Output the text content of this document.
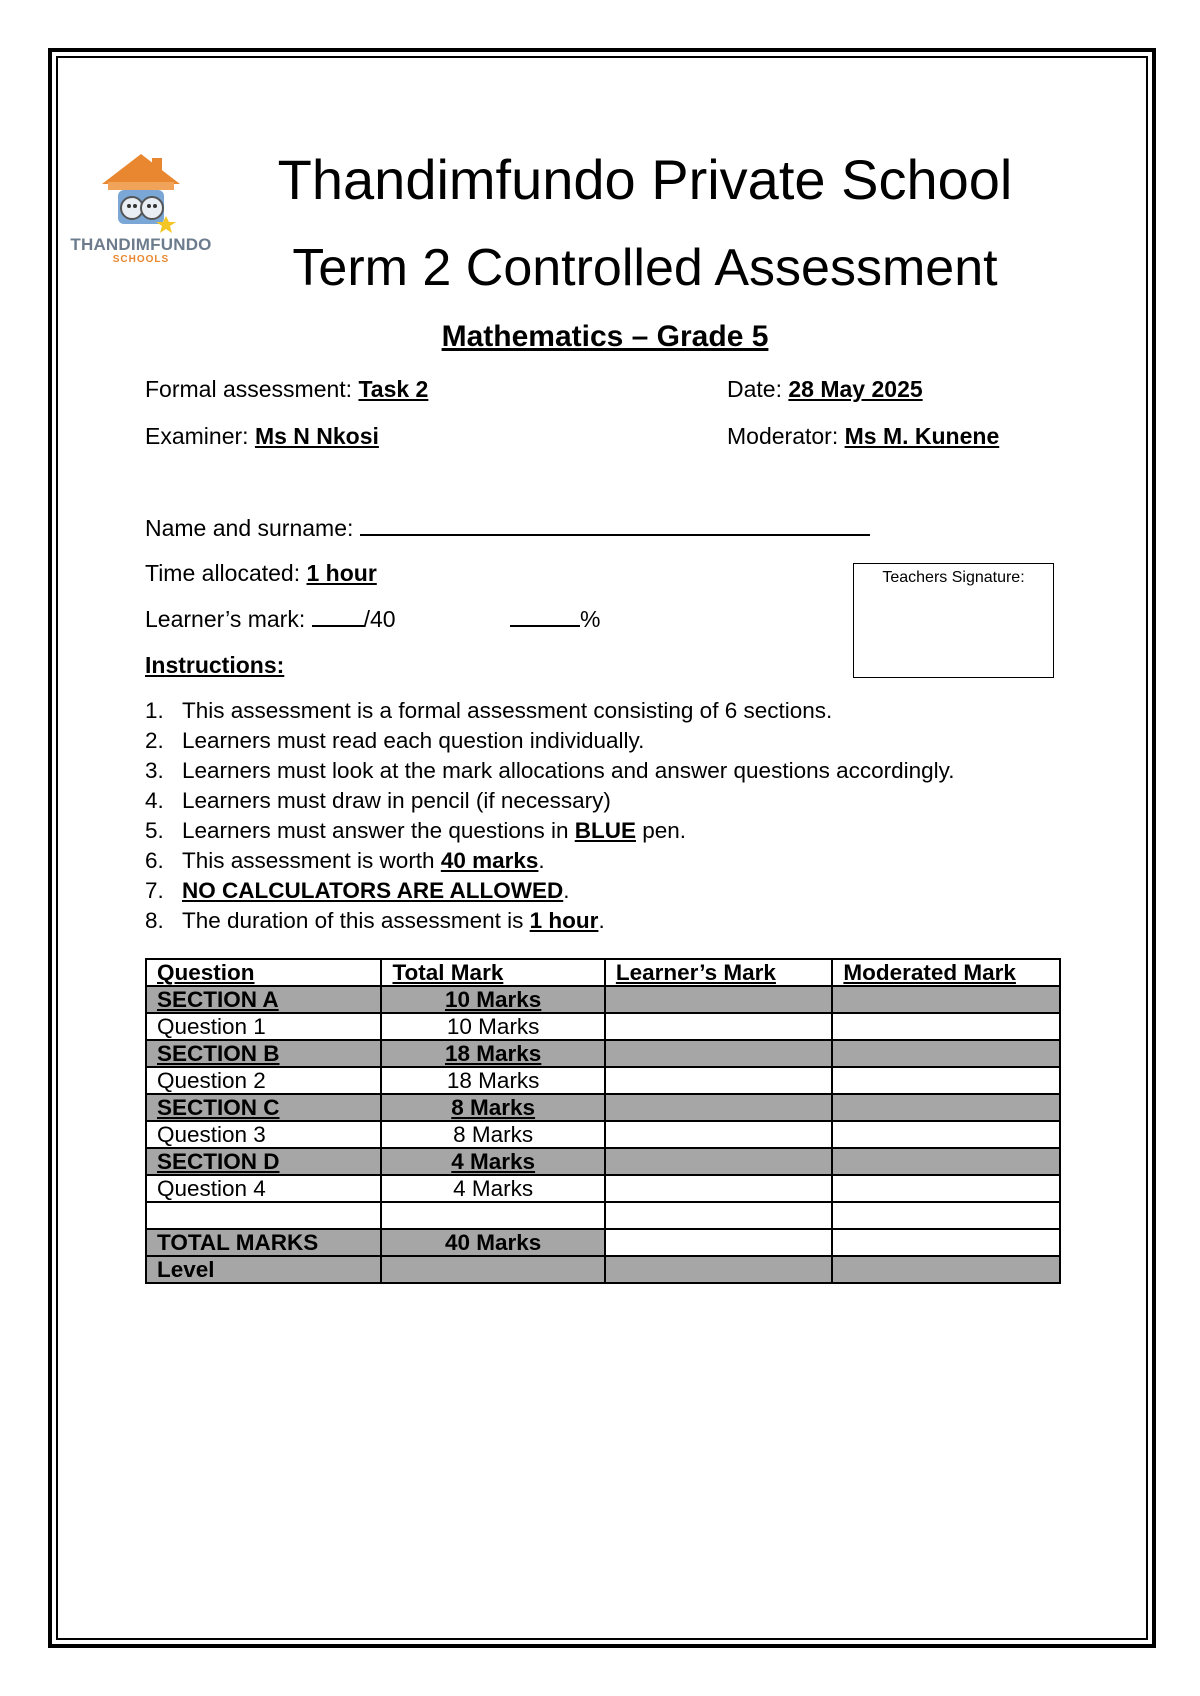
THANDIMFUNDO
SCHOOLS
Thandimfundo Private School
Term 2 Controlled Assessment
Mathematics – Grade 5
Formal assessment: Task 2	Date: 28 May 2025
Examiner: Ms N Nkosi	Moderator: Ms M. Kunene
Name and surname:
Time allocated: 1 hour
Learner’s mark:	/40	%
Teachers Signature:
Instructions:
1. This assessment is a formal assessment consisting of 6 sections.
2. Learners must read each question individually.
3. Learners must look at the mark allocations and answer questions accordingly.
4. Learners must draw in pencil (if necessary)
5. Learners must answer the questions in BLUE pen.
6. This assessment is worth 40 marks.
7. NO CALCULATORS ARE ALLOWED.
8. The duration of this assessment is 1 hour.
Question	Total Mark	Learner’s Mark	Moderated Mark
SECTION A	10 Marks		
Question 1	10 Marks		
SECTION B	18 Marks		
Question 2	18 Marks		
SECTION C	8 Marks		
Question 3	8 Marks		
SECTION D	4 Marks		
Question 4	4 Marks		

TOTAL MARKS	40 Marks		
Level			
